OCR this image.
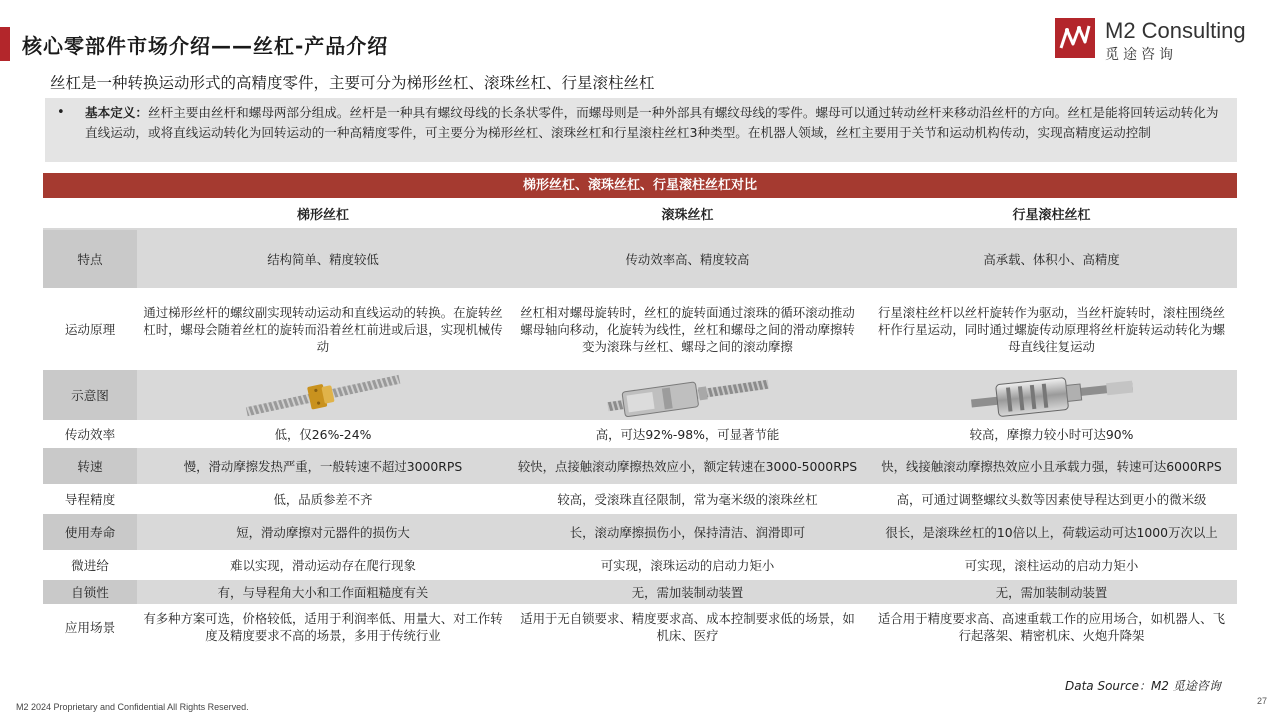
核心零部件市场介绍——丝杠-产品介绍
M2 Consulting
觅途咨询
丝杠是一种转换运动形式的高精度零件，主要可分为梯形丝杠、滚珠丝杠、行星滚柱丝杠
• 基本定义：丝杆主要由丝杆和螺母两部分组成。丝杆是一种具有螺纹母线的长条状零件，而螺母则是一种外部具有螺纹母线的零件。螺母可以通过转动丝杆来移动沿丝杆的方向。丝杠是能将回转运动转化为直线运动，或将直线运动转化为回转运动的一种高精度零件，可主要分为梯形丝杠、滚珠丝杠和行星滚柱丝杠3种类型。在机器人领域，丝杠主要用于关节和运动机构传动，实现高精度运动控制
梯形丝杠、滚珠丝杠、行星滚柱丝杠对比
	梯形丝杠	滚珠丝杠	行星滚柱丝杠
特点	结构简单、精度较低	传动效率高、精度较高	高承载、体积小、高精度
运动原理	通过梯形丝杆的螺纹副实现转动运动和直线运动的转换。在旋转丝杠时，螺母会随着丝杠的旋转而沿着丝杠前进或后退，实现机械传动	丝杠相对螺母旋转时，丝杠的旋转面通过滚珠的循环滚动推动螺母轴向移动，化旋转为线性，丝杠和螺母之间的滑动摩擦转变为滚珠与丝杠、螺母之间的滚动摩擦	行星滚柱丝杆以丝杆旋转作为驱动，当丝杆旋转时，滚柱围绕丝杆作行星运动，同时通过螺旋传动原理将丝杆旋转运动转化为螺母直线往复运动
示意图	

传动效率	低，仅26%-24%	高，可达92%-98%，可显著节能	较高，摩擦力较小时可达90%
转速	慢，滑动摩擦发热严重，一般转速不超过3000RPS	较快，点接触滚动摩擦热效应小，额定转速在3000-5000RPS	快，线接触滚动摩擦热效应小且承载力强，转速可达6000RPS
导程精度	低，品质参差不齐	较高，受滚珠直径限制，常为毫米级的滚珠丝杠	高，可通过调整螺纹头数等因素使导程达到更小的微米级
使用寿命	短，滑动摩擦对元器件的损伤大	长，滚动摩擦损伤小，保持清洁、润滑即可	很长，是滚珠丝杠的10倍以上，荷载运动可达1000万次以上
微进给	难以实现，滑动运动存在爬行现象	可实现，滚珠运动的启动力矩小	可实现，滚柱运动的启动力矩小
自锁性	有，与导程角大小和工作面粗糙度有关	无，需加装制动装置	无，需加装制动装置
应用场景	有多种方案可选，价格较低，适用于利润率低、用量大、对工作转度及精度要求不高的场景，多用于传统行业	适用于无自锁要求、精度要求高、成本控制要求低的场景，如机床、医疗	适合用于精度要求高、高速重载工作的应用场合，如机器人、飞行起落架、精密机床、火炮升降架
Data Source：M2 觅途咨询
M2 2024 Proprietary and Confidential All Rights Reserved.
27
